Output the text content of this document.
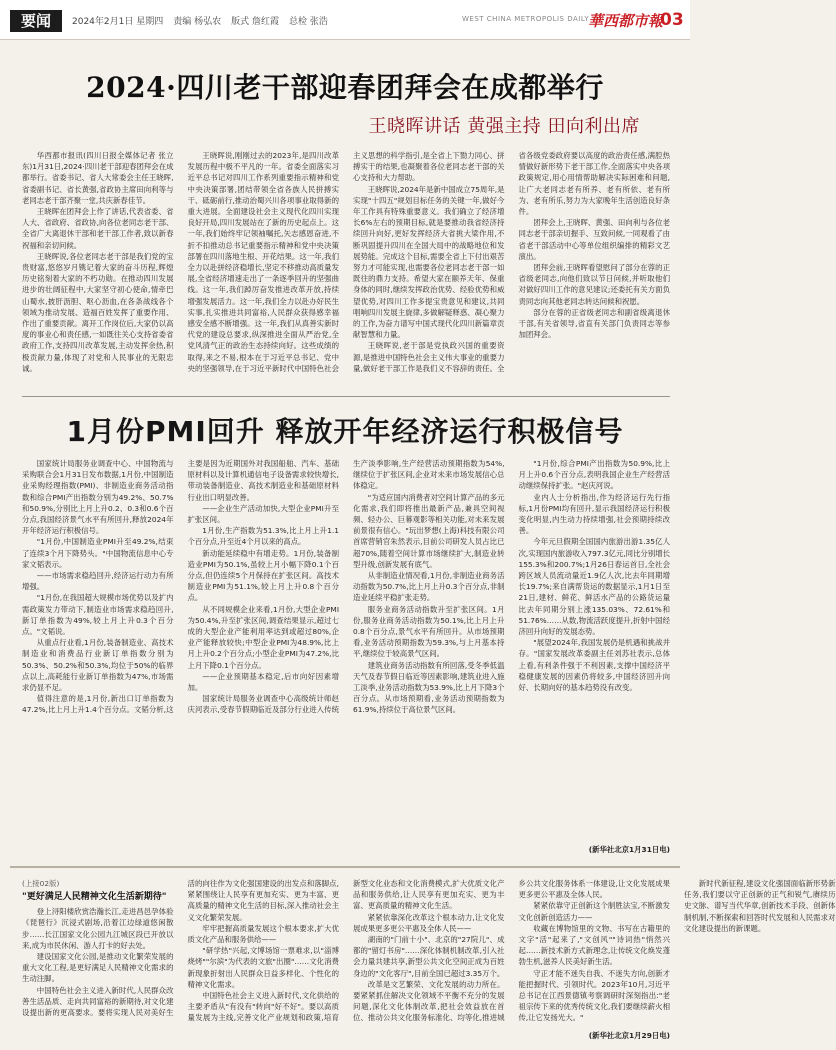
要闻	2024年2月1日 星期四 责编 杨弘农 版式 詹红霞 总检 张浩	WEST CHINA METROPOLIS DAILY
華西都市報
03
2024·四川老干部迎春团拜会在成都举行
王晓晖讲话 黄强主持 田向利出席

华西都市报讯(四川日报全媒体记者 张立东)1月31日,2024·四川老干部迎春团拜会在成都举行。省委书记、省人大常委会主任王晓晖,省委副书记、省长黄强,省政协主席田向利等与老同志老干部齐聚一堂,共庆新春佳节。

王晓晖在团拜会上作了讲话,代表省委、省人大、省政府、省政协,向各位老同志老干部、全省广大离退休干部和老干部工作者,致以新春祝福和亲切问候。

王晓晖说,各位老同志老干部是我们党的宝贵财富,悠悠岁月镌记着大家的奋斗历程,辉煌历史铭刻着大家的不朽功勋。在推动四川发展进步的壮阔征程中,大家坚守初心使命,情牵巴山蜀水,披肝沥胆、呕心沥血,在各条战线各个领域为推动发展、造福百姓发挥了重要作用、作出了重要贡献。离开工作岗位后,大家仍以高度的事业心和责任感,一如既往关心支持省委省政府工作,支持四川改革发展,主动发挥余热,积极贡献力量,体现了对党和人民事业的无限忠诚。

王晓晖说,刚刚过去的2023年,是四川改革发展历程中极不平凡的一年。省委全面落实习近平总书记对四川工作系列重要指示精神和党中央决策部署,团结带领全省各族人民拼搏实干、砥砺前行,推动治蜀兴川各项事业取得新的重大进展。全面建设社会主义现代化四川实现良好开局,四川发展站在了新的历史起点上。这一年,我们始终牢记领袖嘱托,矢志感恩奋进,不折不扣推动总书记重要指示精神和党中央决策部署在四川落地生根、开花结果。这一年,我们全力以赴拼经济稳增长,坚定不移推动高质量发展,全省经济增速走出了一条逐季回升的坚强曲线。这一年,我们踔厉奋发推进改革开放,持续增强发展活力。这一年,我们全力以赴办好民生实事,扎实推进共同富裕,人民群众获得感幸福感安全感不断增强。这一年,我们从真善实新时代党的建设总要求,纵深推进全面从严治党,全党风清气正的政治生态持续向好。这些成绩的取得,来之不易,根本在于习近平总书记、党中央的坚强领导,在于习近平新时代中国特色社会主义思想的科学指引,是全省上下勠力同心、拼搏实干的结果,也凝聚着各位老同志老干部的关心支持和大力帮助。

王晓晖说,2024年是新中国成立75周年,是实现"十四五"规划目标任务的关键一年,做好今年工作具有特殊重要意义。我们确立了经济增长6%左右的预期目标,就是要推动我省经济持续回升向好,更好发挥经济大省挑大梁作用,不断巩固提升四川在全国大局中的战略地位和发展势能。完成这个目标,需要全省上下付出艰苦努力才可能实现,也需要各位老同志老干部一如既往的鼎力支持。希望大家在颐养天年、保重身体的同时,继续发挥政治优势、经验优势和威望优势,对四川工作多提宝贵意见和建议,共同唱响四川发展主旋律,多做解疑释惑、凝心聚力的工作,为奋力谱写中国式现代化四川新篇章贡献智慧和力量。

王晓晖说,老干部是党执政兴国的重要资源,是推进中国特色社会主义伟大事业的重要力量,做好老干部工作是我们义不容辞的责任。全省各级党委政府要以高度的政治责任感,满腔热情做好新形势下老干部工作,全面落实中央各项政策规定,用心用情帮助解决实际困难和问题,让广大老同志老有所养、老有所依、老有所为、老有所乐,努力为大家晚年生活创造良好条件。

团拜会上,王晓晖、黄强、田向利与各位老同志老干部亲切握手、互致问候,一同观看了由省老干部活动中心等单位组织编排的精彩文艺演出。

团拜会前,王晓晖看望慰问了部分在蓉的正省级老同志,向他们致以节日问候,并听取他们对做好四川工作的意见建议;还委托有关方面负责同志向其他老同志转达问候和祝愿。

部分在蓉的正省级老同志和副省级离退休干部,有关省领导,省直有关部门负责同志等参加团拜会。

1月份PMI回升 释放开年经济运行积极信号

国家统计局服务业调查中心、中国物流与采购联合会1月31日发布数据,1月份,中国制造业采购经理指数(PMI)、非制造业商务活动指数和综合PMI产出指数分别为49.2%、50.7%和50.9%,分别比上月上升0.2、0.3和0.6个百分点,我国经济景气水平有所回升,释放2024年开年经济运行积极信号。

"1月份,中国制造业PMI升至49.2%,结束了连续3个月下降势头。"中国物流信息中心专家文韬表示。

——市场需求稳趋回升,经济运行动力有所增强。

"1月份,在我国超大规模市场优势以及扩内需政策发力带动下,制造业市场需求稳趋回升,新订单指数为49%,较上月上升0.3个百分点。"文韬说。

从重点行业看,1月份,装备制造业、高技术制造业和消费品行业新订单指数分别为50.3%、50.2%和50.3%,均位于50%的临界点以上,高耗能行业新订单指数为47%,市场需求仍显不足。

值得注意的是,1月份,新出口订单指数为47.2%,比上月上升1.4个百分点。文韬分析,这主要是因为近期国外对我国船舶、汽车、基础原材料以及计算机通信电子设备需求较快增长,带动装备制造业、高技术制造业和基础原材料行业出口明显改善。

——企业生产活动加快,大型企业PMI升至扩张区间。

1月份,生产指数为51.3%,比上月上升1.1个百分点,升至近4个月以来的高点。

新动能延续稳中有增走势。1月份,装备制造业PMI为50.1%,虽较上月小幅下降0.1个百分点,但仍连续5个月保持在扩张区间。高技术制造业PMI为51.1%,较上月上升0.8个百分点。

从不同规模企业来看,1月份,大型企业PMI为50.4%,升至扩张区间,调查结果显示,超过七成的大型企业产能利用率达到或超过80%,企业产能释放较快;中型企业PMI为48.9%,比上月上升0.2个百分点;小型企业PMI为47.2%,比上月下降0.1个百分点。

——企业预期基本稳定,后市向好因素增加。

国家统计局服务业调查中心高级统计师赵庆河表示,受春节假期临近及部分行业进入传统生产淡季影响,生产经营活动预期指数为54%,继续位于扩张区间,企业对未来市场发展信心总体稳定。

"为适应国内消费者对空间计算产品的多元化需求,我们即将推出最新产品,兼具空间视频、轻办公、巨幕观影等相关功能,对未来发展前景很有信心。"玩出梦想(上海)科技有限公司首席营销官朱然表示,目前公司研发人员占比已超70%,随着空间计算市场继续扩大,制造业转型升级,创新发展有底气。

从非制造业情况看,1月份,非制造业商务活动指数为50.7%,比上月上升0.3个百分点,非制造业延续平稳扩张走势。

服务业商务活动指数升至扩张区间。1月份,服务业商务活动指数为50.1%,比上月上升0.8个百分点,景气水平有所回升。从市场预期看,业务活动预期指数为59.3%,与上月基本持平,继续位于较高景气区间。

建筑业商务活动指数有所回落,受冬季低温天气及春节假日临近等因素影响,建筑业进入施工淡季,业务活动指数为53.9%,比上月下降3个百分点。从市场预期看,业务活动预期指数为61.9%,持续位于高位景气区间。

"1月份,综合PMI产出指数为50.9%,比上月上升0.6个百分点,表明我国企业生产经营活动继续保持扩张。"赵庆河说。

业内人士分析指出,作为经济运行先行指标,1月份PMI均有回升,显示我国经济运行积极变化明显,内生动力持续增强,社会预期持续改善。

今年元旦假期全国国内旅游出游1.35亿人次,实现国内旅游收入797.3亿元,同比分别增长155.3%和200.7%;1月26日春运首日,全社会跨区域人员流动量近1.9亿人次,比去年同期增长19.7%;来自满帮货运的数据显示,1月1日至21日,建材、鲜花、鲜活水产品的公路货运量比去年同期分别上涨135.03%、72.61%和51.76%……从数,物流活跃度提升,折射中国经济回升向好的发展态势。

"展望2024年,我国发展仍是机遇和挑战并存。"国家发展改革委副主任刘苏社表示,总体上看,有利条件强于不利因素,支撑中国经济平稳健康发展的因素仍将较多,中国经济回升向好、长期向好的基本趋势没有改变。

(新华社北京1月31日电)
(上接02版)

"更好满足人民精神文化生活新期待"

登上浔阳楼欣赏浩瀚长江,走进昌邑孕体验《琵琶行》沉浸式剧场,沿着江边绿道悠闲散步……长江国家文化公园九江城区段已开放以来,成为市民休闲、游人打卡的好去处。

建设国家文化公园,是推动文化繁荣发展的重大文化工程,是更好满足人民精神文化需求的生动注脚。

中国特色社会主义进入新时代,人民群众改善生活品质、走向共同富裕的新期待,对文化建设提出新的更高要求。要将实现人民对美好生活的向往作为文化强国建设的出发点和落脚点,紧紧围绕让人民享有更加充实、更为丰富、更高质量的精神文化生活的目标,深入推动社会主义文化繁荣发展。

牢牢把握高质量发展这个根本要求,扩大优质文化产品和服务供给——

"研学热"兴起,文博场馆一票难求,以"淄博烧烤""尔滨"为代表的文旅"出圈"……文化消费新现象折射出人民群众日益多样化、个性化的精神文化需求。

中国特色社会主义进入新时代,文化供给的主要矛盾从"有没有"转向"好不好"。要以高质量发展为主线,完善文化产业规划和政策,培育新型文化业态和文化消费模式,扩大优质文化产品和服务供给,让人民享有更加充实、更为丰富、更高质量的精神文化生活。

紧紧依靠深化改革这个根本动力,让文化发展成果更多更公平惠及全体人民——

湖南的"门前十小"、北京的"27院儿"、成都的"留灯书房"……深化体制机制改革,引入社会力量共建共享,新型公共文化空间正成为百姓身边的"文化客厅",目前全国已超过3.35万个。

改革是文艺繁荣、文化发展的动力所在。要紧紧抓住解决文化领域不平衡不充分的发展问题,深化文化体制改革,把社会效益放在首位、推动公共文化服务标准化、均等化,推进城乡公共文化服务体系一体建设,让文化发展成果更多更公平惠及全体人民。

紧紧依靠守正创新这个制胜法宝,不断激发文化创新创造活力——

收藏在博物馆里的文物、书写在古籍里的文字"活"起来了,"文创风""诗词热"悄然兴起……新技术新方式新理念,让传统文化焕发蓬勃生机,滋养人民美好新生活。

守正才能不迷失自我、不迷失方向,创新才能把握时代、引领时代。2023年10月,习近平总书记在江西景德镇考察调研时深刻指出:"老祖宗传下来的优秀传统文化,我们要继续薪火相传,让它发扬光大。"

新时代新征程,建设文化强国面临新形势新任务,我们要以守正创新的正气和锐气,赓续历史文脉、谱写当代华章,创新技术手段、创新体制机制,不断探索和回答时代发展和人民需求对文化建设提出的新课题。

(新华社北京1月29日电)
